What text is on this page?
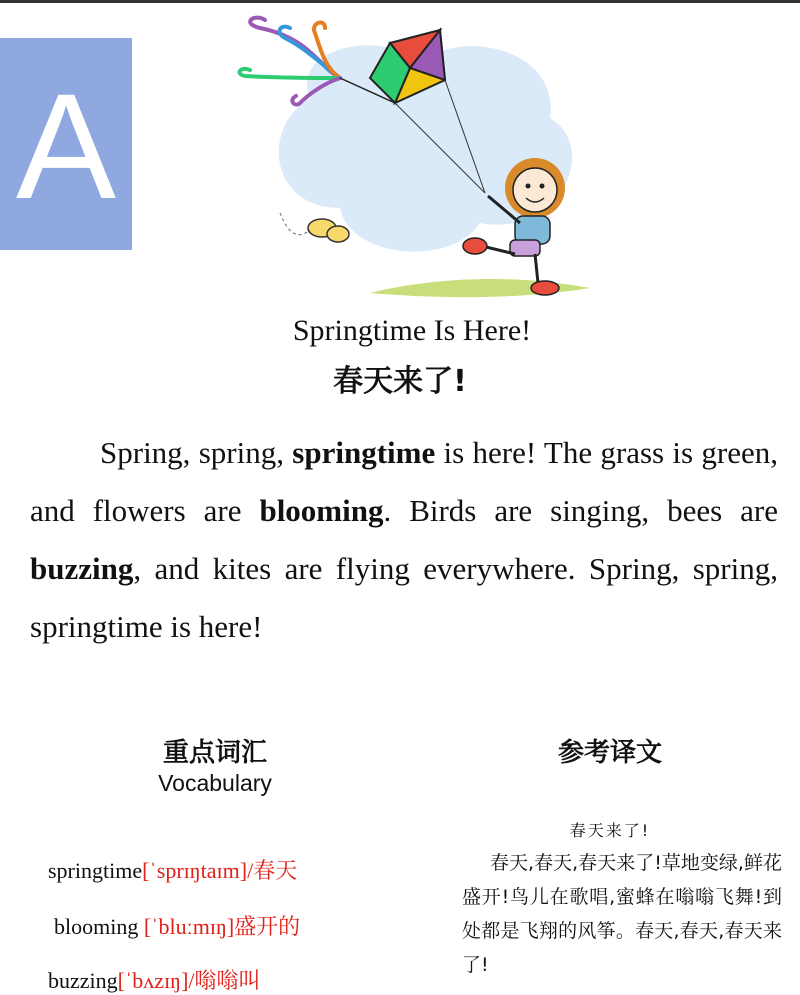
A
Springtime Is Here!
春天来了!
Spring, spring, springtime is here! The grass is green, and flowers are blooming. Birds are singing, bees are buzzing, and kites are flying everywhere. Spring, spring, springtime is here!
重点词汇
Vocabulary
springtime[ˈsprɪŋtaɪm]/春天
blooming [ˈbluːmɪŋ]盛开的
buzzing[ˈbʌzɪŋ]/嗡嗡叫
参考译文
春天来了!
春天,春天,春天来了!草地变绿,鲜花盛开!鸟儿在歌唱,蜜蜂在嗡嗡飞舞!到处都是飞翔的风筝。春天,春天,春天来了!
